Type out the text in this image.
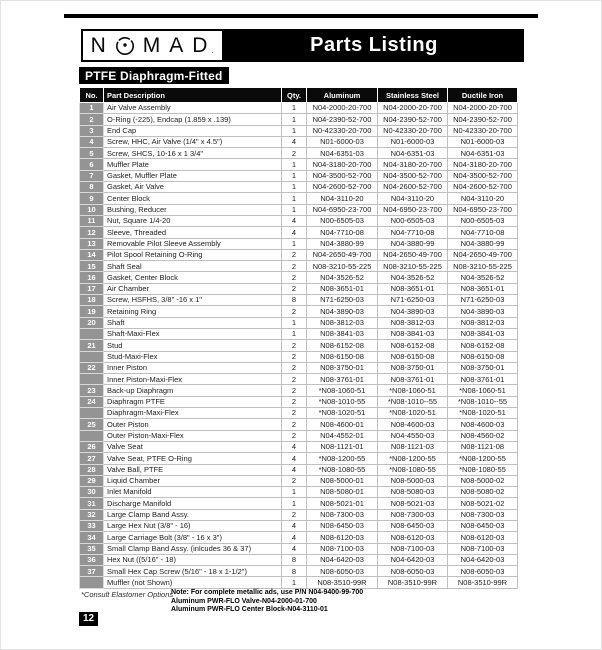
N M A D .	Parts Listing
PTFE Diaphragm-Fitted
No.	Part Description	Qty.	Aluminum	Stainless Steel	Ductile Iron
1	Air Valve Assembly	1	N04-2000-20-700	N04-2000-20-700	N04-2000-20-700
2	O-Ring (-225), Endcap (1.859 x .139)	1	N04-2390-52-700	N04-2390-52-700	N04-2390-52-700
3	End Cap	1	N0-42330-20-700	N0-42330-20-700	N0-42330-20-700
4	Screw, HHC, Air Valve (1/4" x 4.5")	4	N01-6000-03	N01-6000-03	N01-6000-03
5	Screw, SHCS, 10-16 x 1 3/4"	2	N04-6351-03	N04-6351-03	N04-6351-03
6	Muffler Plate	1	N04-3180-20-700	N04-3180-20-700	N04-3180-20-700
7	Gasket, Muffler Plate	1	N04-3500-52-700	N04-3500-52-700	N04-3500-52-700
8	Gasket, Air Valve	1	N04-2600-52-700	N04-2600-52-700	N04-2600-52-700
9	Center Block	1	N04-3110-20	N04-3110-20	N04-3110-20
10	Bushing, Reducer	1	N04-6950-23-700	N04-6950-23-700	N04-6950-23-700
11	Nut, Square 1/4-20	4	N00-6505-03	N00-6505-03	N00-6505-03
12	Sleeve, Threaded	4	N04-7710-08	N04-7710-08	N04-7710-08
13	Removable Pilot Sleeve Assembly	1	N04-3880-99	N04-3880-99	N04-3880-99
14	Pilot Spool Retaining O-Ring	2	N04-2650-49-700	N04-2650-49-700	N04-2650-49-700
15	Shaft Seal	2	N08-3210-55-225	N08-3210-55-225	N08-3210-55-225
16	Gasket, Center Block	2	N04-3526-52	N04-3526-52	N04-3526-52
17	Air Chamber	2	N08-3651-01	N08-3651-01	N08-3651-01
18	Screw, HSFHS, 3/8" -16 x 1"	8	N71-6250-03	N71-6250-03	N71-6250-03
19	Retaining Ring	2	N04-3890-03	N04-3890-03	N04-3890-03
20	Shaft	1	N08-3812-03	N08-3812-03	N08-3812-03
	Shaft-Maxi-Flex	1	N08-3841-03	N08-3841-03	N08-3841-03
21	Stud	2	N08-6152-08	N08-6152-08	N08-6152-08
	Stud-Maxi-Flex	2	N08-6150-08	N08-6150-08	N08-6150-08
22	Inner Piston	2	N08-3750-01	N08-3750-01	N08-3750-01
	Inner Piston-Maxi-Flex	2	N08-3761-01	N08-3761-01	N08-3761-01
23	Back-up Diaphragm	2	*N08-1060-51	*N08-1060-51	*N08-1060-51
24	Diaphragm PTFE	2	*N08-1010-55	*N08-1010--55	*N08-1010--55
	Diaphragm-Maxi-Flex	2	*N08-1020-51	*N08-1020-51	*N08-1020-51
25	Outer Piston	2	N08-4600-01	N08-4600-03	N08-4600-03
	Outer Piston-Maxi-Flex	2	N04-4552-01	N04-4550-03	N08-4560-02
26	Valve Seat	4	N08-1121-01	N08-1121-03	N08-1121-08
27	Valve Seat, PTFE O-Ring	4	*N08-1200-55	*N08-1200-55	*N08-1200-55
28	Valve Ball, PTFE	4	*N08-1080-55	*N08-1080-55	*N08-1080-55
29	Liquid Chamber	2	N08-5000-01	N08-5000-03	N08-5000-02
30	Inlet Manifold	1	N08-5080-01	N08-5080-03	N08-5080-02
31	Discharge Manifold	1	N08-5021-01	N08-5021-03	N08-5021-02
32	Large Clamp Band Assy.	2	N08-7300-03	N08-7300-03	N08-7300-03
33	Large Hex Nut (3/8" - 16)	4	N08-6450-03	N08-6450-03	N08-6450-03
34	Large Carriage Bolt (3/8" - 16 x 3")	4	N08-6120-03	N08-6120-03	N08-6120-03
35	Small Clamp Band Assy. (inlcudes 36 & 37)	4	N08-7100-03	N08-7100-03	N08-7100-03
36	Hex Nut ((5/16" - 18)	8	N04-6420-03	N04-6420-03	N04-6420-03
37	Small Hex Cap Screw (5/16" - 18 x 1-1/2")	8	N08-6050-03	N08-6050-03	N08-6050-03
	Muffler (not Shown)	1	N08-3510-99R	N08-3510-99R	N08-3510-99R
*Consult Elastomer Options
Note: For complete metallic ads, use P/N N04-9400-99-700
Aluminum PWR-FLO Valve-N04-2000-01-700
Aluminum PWR-FLO Center Block-N04-3110-01
12
